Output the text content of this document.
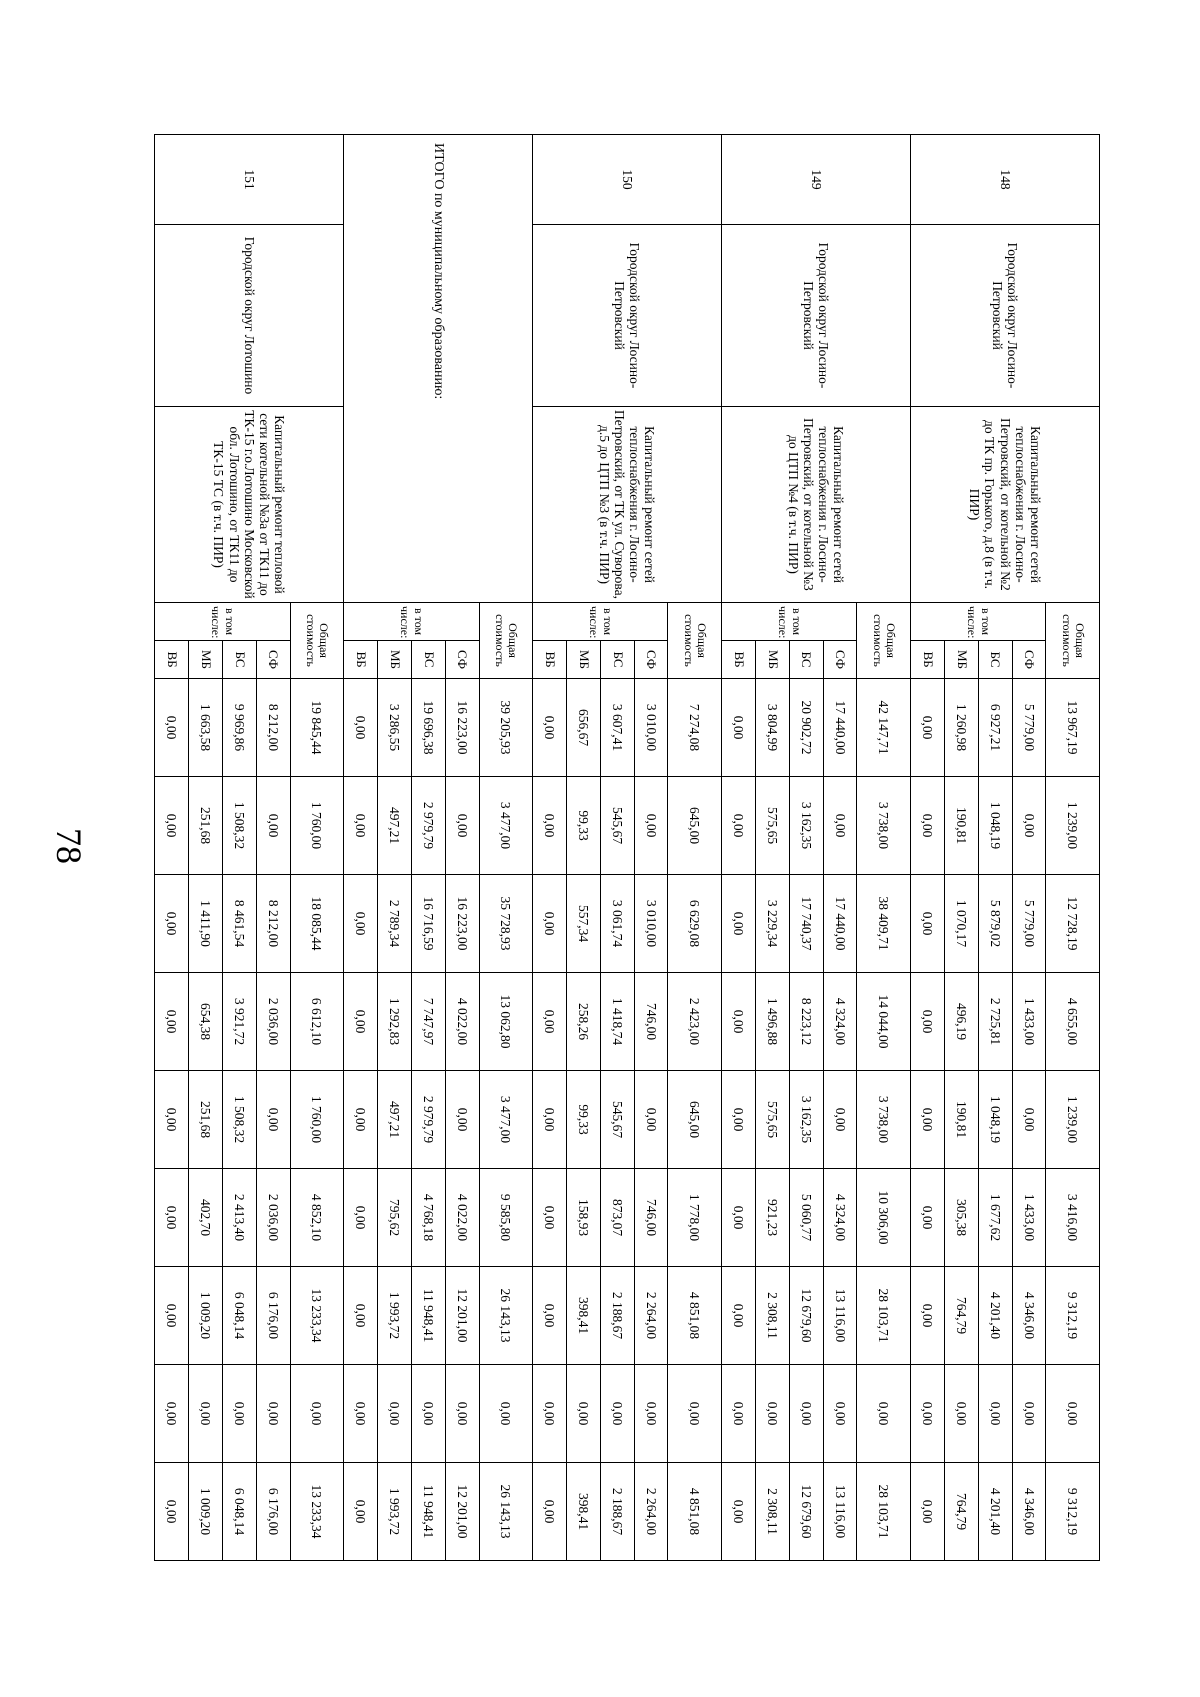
78
148	Городской округ Лосино-Петровский	Капитальный ремонт сетей теплоснабжения г. Лосино-Петровский, от котельной №2 до ТК пр. Горького, д.8 (в т.ч. ПИР)	Общая стоимость		13 967,19	1 239,00	12 728,19	4 655,00	1 239,00	3 416,00	9 312,19	0,00	9 312,19
			в том числе:	СФ	5 779,00	0,00	5 779,00	1 433,00	0,00	1 433,00	4 346,00	0,00	4 346,00
				БС	6 927,21	1 048,19	5 879,02	2 725,81	1 048,19	1 677,62	4 201,40	0,00	4 201,40
				МБ	1 260,98	190,81	1 070,17	496,19	190,81	305,38	764,79	0,00	764,79
				ВБ	0,00	0,00	0,00	0,00	0,00	0,00	0,00	0,00	0,00
149	Городской округ Лосино-Петровский	Капитальный ремонт сетей теплоснабжения г. Лосино-Петровский, от котельной №3 до ЦТП №4 (в т.ч. ПИР)	Общая стоимость		42 147,71	3 738,00	38 409,71	14 044,00	3 738,00	10 306,00	28 103,71	0,00	28 103,71
			в том числе:	СФ	17 440,00	0,00	17 440,00	4 324,00	0,00	4 324,00	13 116,00	0,00	13 116,00
				БС	20 902,72	3 162,35	17 740,37	8 223,12	3 162,35	5 060,77	12 679,60	0,00	12 679,60
				МБ	3 804,99	575,65	3 229,34	1 496,88	575,65	921,23	2 308,11	0,00	2 308,11
				ВБ	0,00	0,00	0,00	0,00	0,00	0,00	0,00	0,00	0,00
150	Городской округ Лосино-Петровский	Капитальный ремонт сетей теплоснабжения г. Лосино-Петровский, от ТК ул. Суворова, д.5 до ЦТП №3 (в т.ч. ПИР)	Общая стоимость		7 274,08	645,00	6 629,08	2 423,00	645,00	1 778,00	4 851,08	0,00	4 851,08
			в том числе:	СФ	3 010,00	0,00	3 010,00	746,00	0,00	746,00	2 264,00	0,00	2 264,00
				БС	3 607,41	545,67	3 061,74	1 418,74	545,67	873,07	2 188,67	0,00	2 188,67
				МБ	656,67	99,33	557,34	258,26	99,33	158,93	398,41	0,00	398,41
				ВБ	0,00	0,00	0,00	0,00	0,00	0,00	0,00	0,00	0,00
ИТОГО по муниципальному образованию:			Общая стоимость		39 205,93	3 477,00	35 728,93	13 062,80	3 477,00	9 585,80	26 143,13	0,00	26 143,13
			в том числе:	СФ	16 223,00	0,00	16 223,00	4 022,00	0,00	4 022,00	12 201,00	0,00	12 201,00
				БС	19 696,38	2 979,79	16 716,59	7 747,97	2 979,79	4 768,18	11 948,41	0,00	11 948,41
				МБ	3 286,55	497,21	2 789,34	1 292,83	497,21	795,62	1 993,72	0,00	1 993,72
				ВБ	0,00	0,00	0,00	0,00	0,00	0,00	0,00	0,00	0,00
151	Городской округ Лотошино	Капитальный ремонт тепловой сети котельной №3а от ТК11 до ТК-15 г.о.Лотошино Московской обл. Лотошино, от ТК11 до ТК-15 ТС (в т.ч. ПИР)	Общая стоимость		19 845,44	1 760,00	18 085,44	6 612,10	1 760,00	4 852,10	13 233,34	0,00	13 233,34
			в том числе:	СФ	8 212,00	0,00	8 212,00	2 036,00	0,00	2 036,00	6 176,00	0,00	6 176,00
				БС	9 969,86	1 508,32	8 461,54	3 921,72	1 508,32	2 413,40	6 048,14	0,00	6 048,14
				МБ	1 663,58	251,68	1 411,90	654,38	251,68	402,70	1 009,20	0,00	1 009,20
				ВБ	0,00	0,00	0,00	0,00	0,00	0,00	0,00	0,00	0,00
